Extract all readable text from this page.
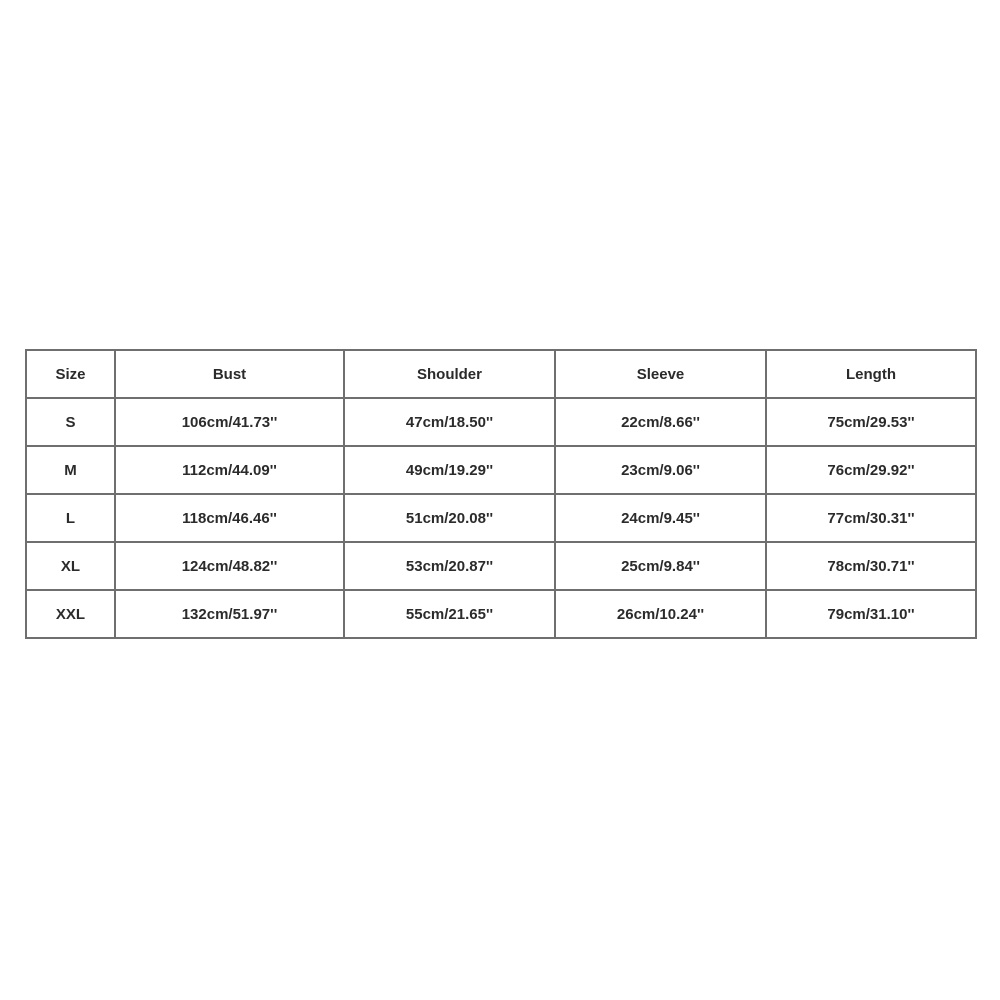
Size	Bust	Shoulder	Sleeve	Length
S	106cm/41.73''	47cm/18.50''	22cm/8.66''	75cm/29.53''
M	112cm/44.09''	49cm/19.29''	23cm/9.06''	76cm/29.92''
L	118cm/46.46''	51cm/20.08''	24cm/9.45''	77cm/30.31''
XL	124cm/48.82''	53cm/20.87''	25cm/9.84''	78cm/30.71''
XXL	132cm/51.97''	55cm/21.65''	26cm/10.24''	79cm/31.10''
